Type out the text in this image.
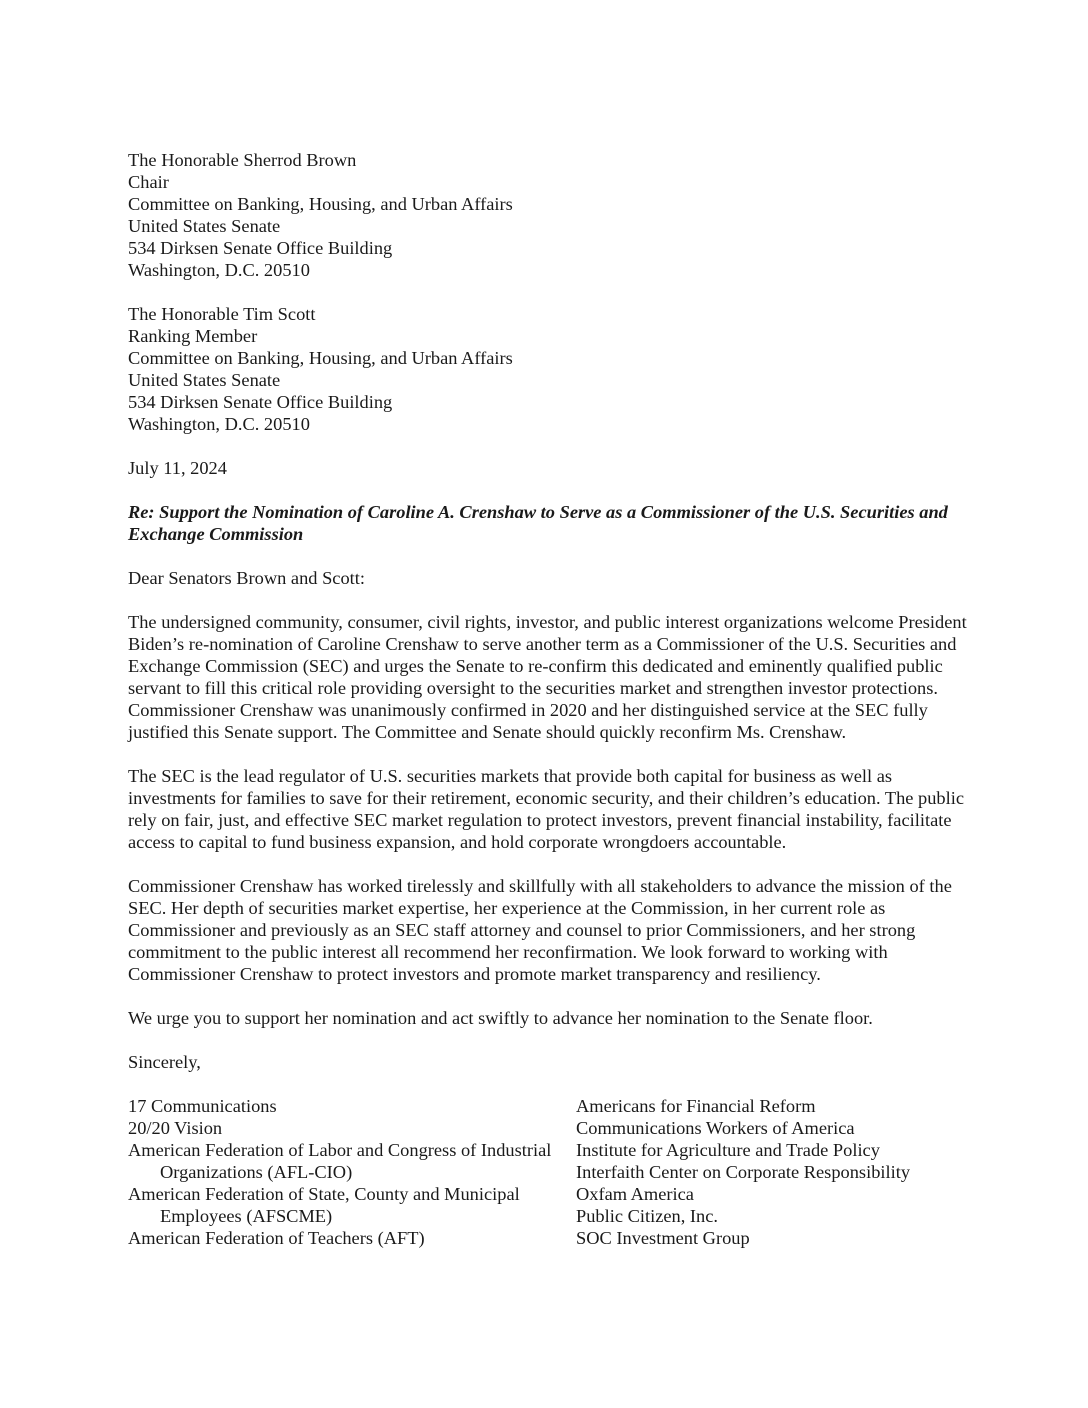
The Honorable Sherrod Brown
Chair
Committee on Banking, Housing, and Urban Affairs
United States Senate
534 Dirksen Senate Office Building
Washington, D.C. 20510
The Honorable Tim Scott
Ranking Member
Committee on Banking, Housing, and Urban Affairs
United States Senate
534 Dirksen Senate Office Building
Washington, D.C. 20510
July 11, 2024
Re: Support the Nomination of Caroline A. Crenshaw to Serve as a Commissioner of the U.S. Securities and Exchange Commission
Dear Senators Brown and Scott:
The undersigned community, consumer, civil rights, investor, and public interest organizations welcome President Biden’s re-nomination of Caroline Crenshaw to serve another term as a Commissioner of the U.S. Securities and Exchange Commission (SEC) and urges the Senate to re-confirm this dedicated and eminently qualified public servant to fill this critical role providing oversight to the securities market and strengthen investor protections. Commissioner Crenshaw was unanimously confirmed in 2020 and her distinguished service at the SEC fully justified this Senate support. The Committee and Senate should quickly reconfirm Ms. Crenshaw.
The SEC is the lead regulator of U.S. securities markets that provide both capital for business as well as investments for families to save for their retirement, economic security, and their children’s education. The public rely on fair, just, and effective SEC market regulation to protect investors, prevent financial instability, facilitate access to capital to fund business expansion, and hold corporate wrongdoers accountable.
Commissioner Crenshaw has worked tirelessly and skillfully with all stakeholders to advance the mission of the SEC. Her depth of securities market expertise, her experience at the Commission, in her current role as Commissioner and previously as an SEC staff attorney and counsel to prior Commissioners, and her strong commitment to the public interest all recommend her reconfirmation. We look forward to working with Commissioner Crenshaw to protect investors and promote market transparency and resiliency.
We urge you to support her nomination and act swiftly to advance her nomination to the Senate floor.
Sincerely,
17 Communications
20/20 Vision
American Federation of Labor and Congress of Industrial Organizations (AFL-CIO)
American Federation of State, County and Municipal Employees (AFSCME)
American Federation of Teachers (AFT)
Americans for Financial Reform
Communications Workers of America
Institute for Agriculture and Trade Policy
Interfaith Center on Corporate Responsibility
Oxfam America
Public Citizen, Inc.
SOC Investment Group
